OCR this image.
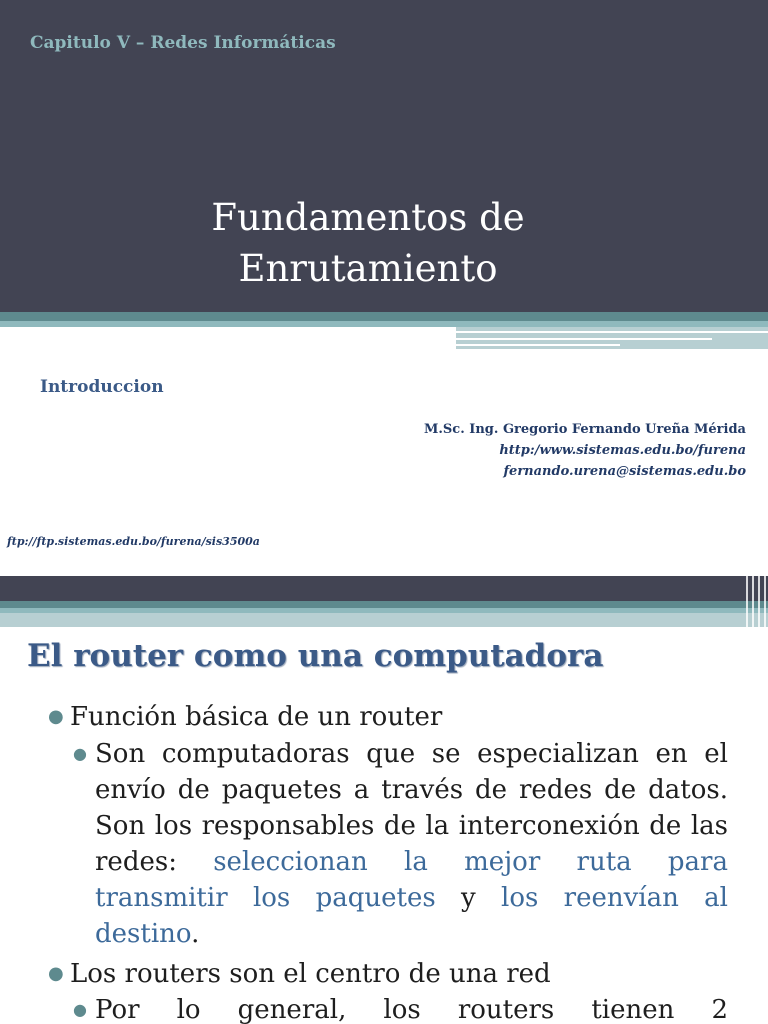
Capitulo V – Redes Informáticas
Fundamentos de
Enrutamiento
Introduccion
M.Sc. Ing. Gregorio Fernando Ureña Mérida
http:/www.sistemas.edu.bo/furena
fernando.urena@sistemas.edu.bo
ftp://ftp.sistemas.edu.bo/furena/sis3500a
El router como una computadora
● Función básica de un router
● Son computadoras que se especializan en el envío de paquetes a través de redes de datos. Son los responsables de la interconexión de las redes: seleccionan la mejor ruta para transmitir los paquetes y los reenvían al destino.
● Los routers son el centro de una red
● Por lo general, los routers tienen 2
